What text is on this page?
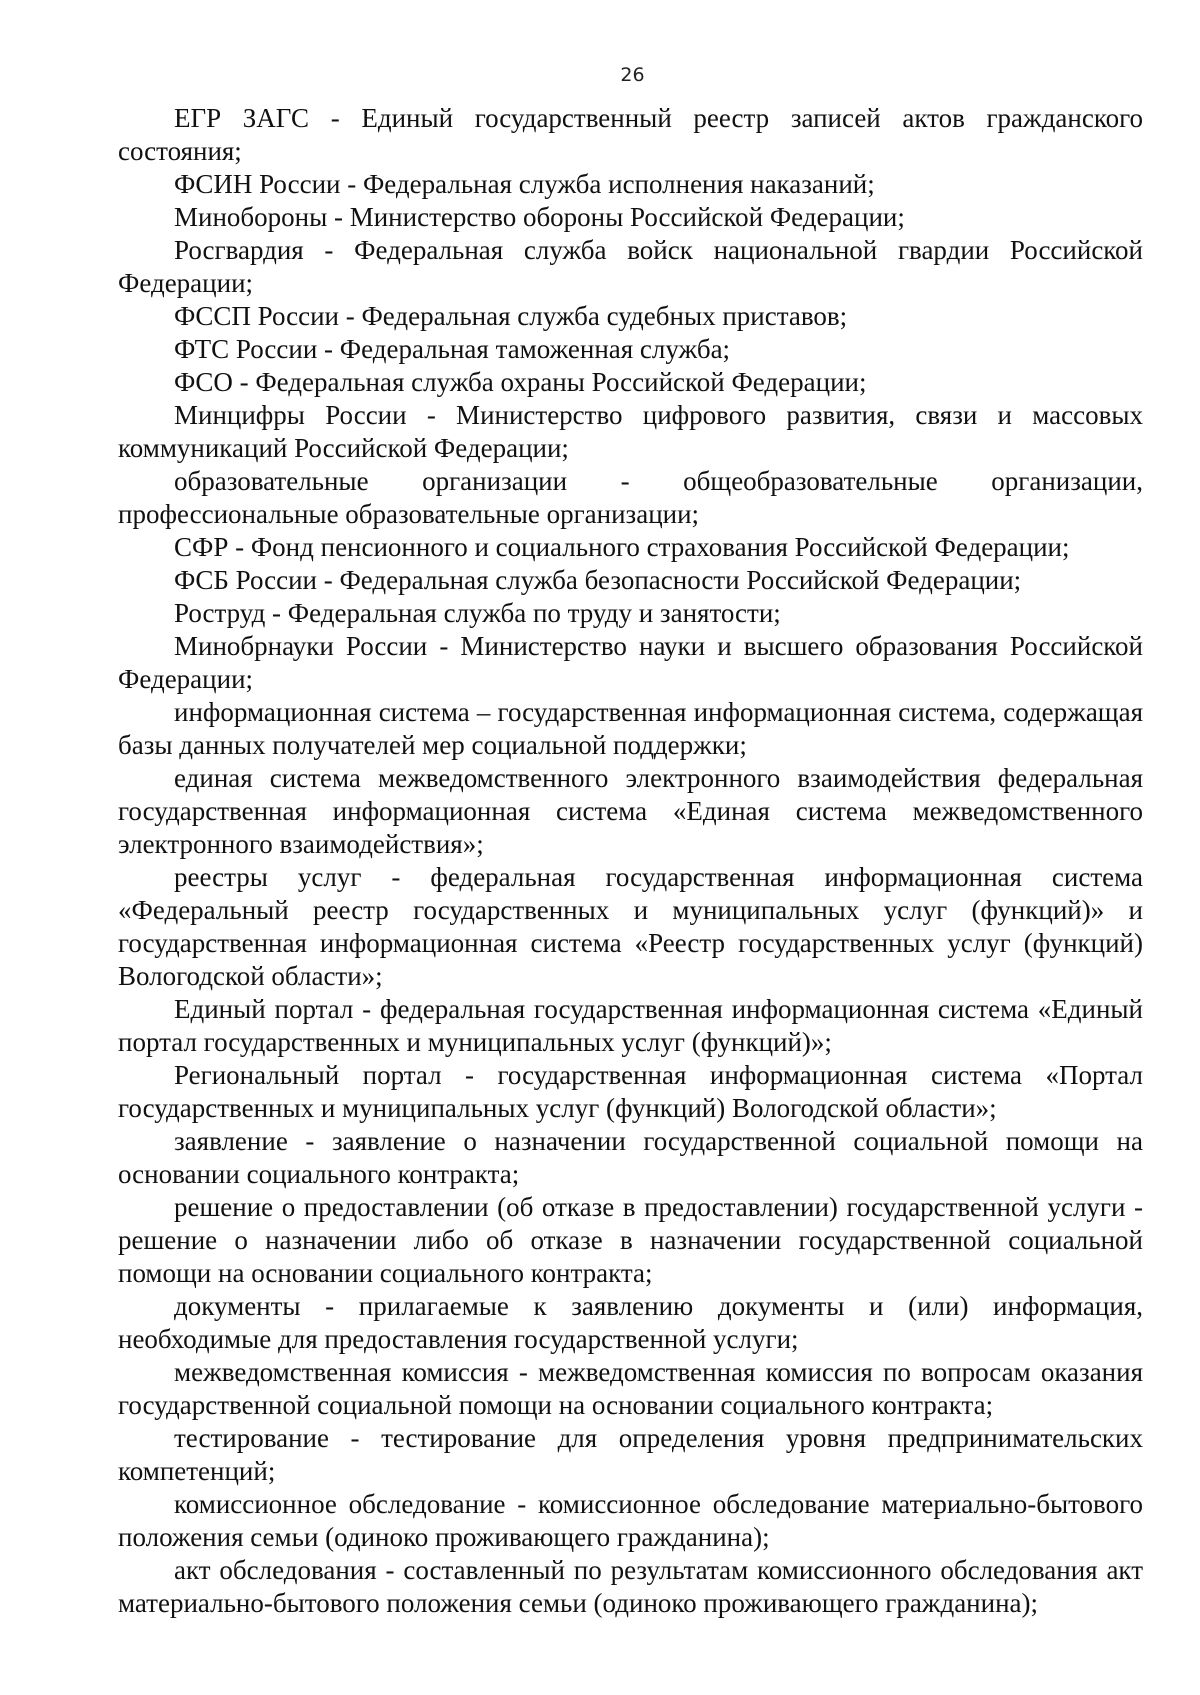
26

ЕГР ЗАГС - Единый государственный реестр записей актов гражданского состояния;

ФСИН России - Федеральная служба исполнения наказаний;

Минобороны - Министерство обороны Российской Федерации;

Росгвардия - Федеральная служба войск национальной гвардии Российской Федерации;

ФССП России - Федеральная служба судебных приставов;

ФТС России - Федеральная таможенная служба;

ФСО - Федеральная служба охраны Российской Федерации;

Минцифры России - Министерство цифрового развития, связи и массовых коммуникаций Российской Федерации;

образовательные организации - общеобразовательные организации, профессиональные образовательные организации;

СФР - Фонд пенсионного и социального страхования Российской Федерации;

ФСБ России - Федеральная служба безопасности Российской Федерации;

Роструд - Федеральная служба по труду и занятости;

Минобрнауки России - Министерство науки и высшего образования Российской Федерации;

информационная система – государственная информационная система, содержащая базы данных получателей мер социальной поддержки;

единая система межведомственного электронного взаимодействия федеральная государственная информационная система «Единая система межведомственного электронного взаимодействия»;

реестры услуг - федеральная государственная информационная система «Федеральный реестр государственных и муниципальных услуг (функций)» и государственная информационная система «Реестр государственных услуг (функций) Вологодской области»;

Единый портал - федеральная государственная информационная система «Единый портал государственных и муниципальных услуг (функций)»;

Региональный портал - государственная информационная система «Портал государственных и муниципальных услуг (функций) Вологодской области»;

заявление - заявление о назначении государственной социальной помощи на основании социального контракта;

решение о предоставлении (об отказе в предоставлении) государственной услуги - решение о назначении либо об отказе в назначении государственной социальной помощи на основании социального контракта;

документы - прилагаемые к заявлению документы и (или) информация, необходимые для предоставления государственной услуги;

межведомственная комиссия - межведомственная комиссия по вопросам оказания государственной социальной помощи на основании социального контракта;

тестирование - тестирование для определения уровня предпринимательских компетенций;

комиссионное обследование - комиссионное обследование материально-бытового положения семьи (одиноко проживающего гражданина);

акт обследования - составленный по результатам комиссионного обследования акт материально-бытового положения семьи (одиноко проживающего гражданина);
